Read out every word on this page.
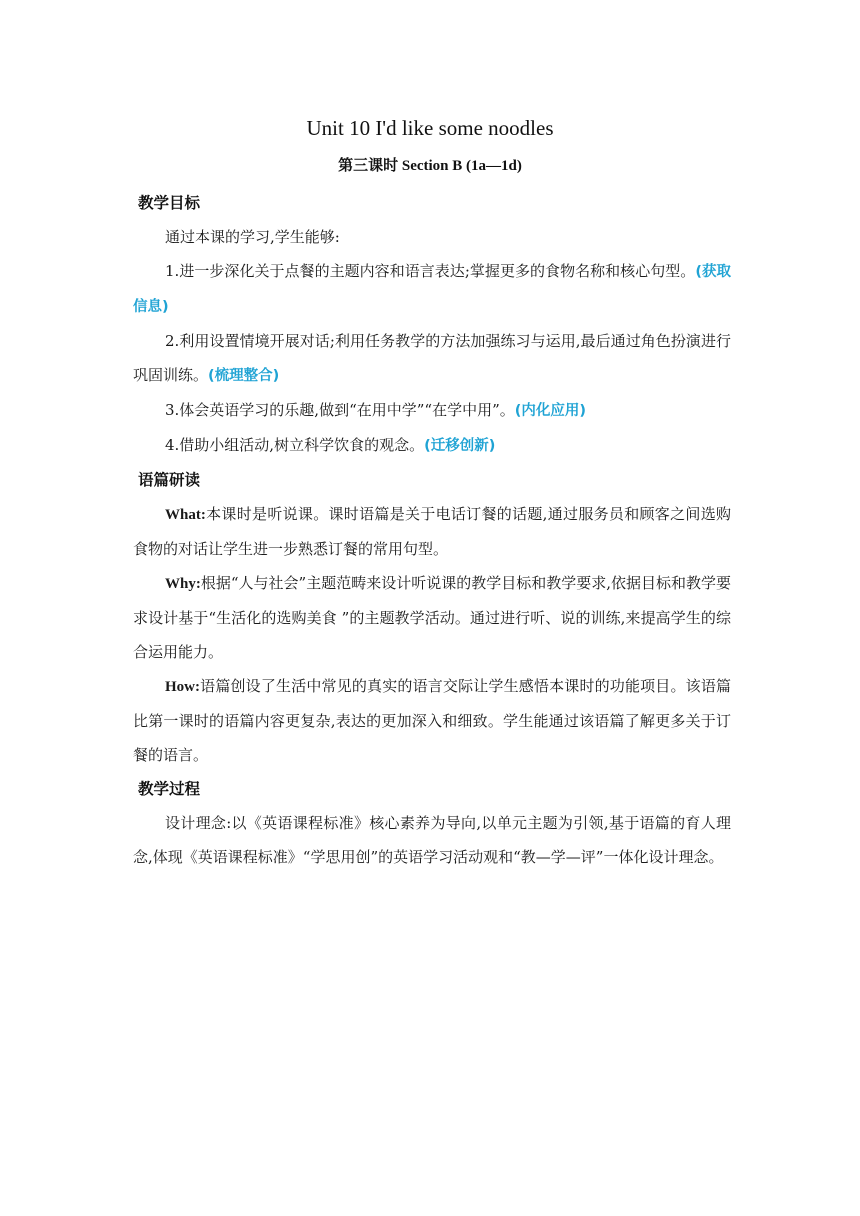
Unit 10 I'd like some noodles
第三课时 Section B (1a—1d)
教学目标

通过本课的学习,学生能够:

1.进一步深化关于点餐的主题内容和语言表达;掌握更多的食物名称和核心句型。(获取信息)

2.利用设置情境开展对话;利用任务教学的方法加强练习与运用,最后通过角色扮演进行巩固训练。(梳理整合)

3.体会英语学习的乐趣,做到“在用中学”“在学中用”。(内化应用)

4.借助小组活动,树立科学饮食的观念。(迁移创新)

语篇研读

What:本课时是听说课。课时语篇是关于电话订餐的话题,通过服务员和顾客之间选购食物的对话让学生进一步熟悉订餐的常用句型。

Why:根据“人与社会”主题范畴来设计听说课的教学目标和教学要求,依据目标和教学要求设计基于“生活化的选购美食 ”的主题教学活动。通过进行听、说的训练,来提高学生的综合运用能力。

How:语篇创设了生活中常见的真实的语言交际让学生感悟本课时的功能项目。该语篇比第一课时的语篇内容更复杂,表达的更加深入和细致。学生能通过该语篇了解更多关于订餐的语言。

教学过程

设计理念:以《英语课程标准》核心素养为导向,以单元主题为引领,基于语篇的育人理念,体现《英语课程标准》“学思用创”的英语学习活动观和“教—学—评”一体化设计理念。
